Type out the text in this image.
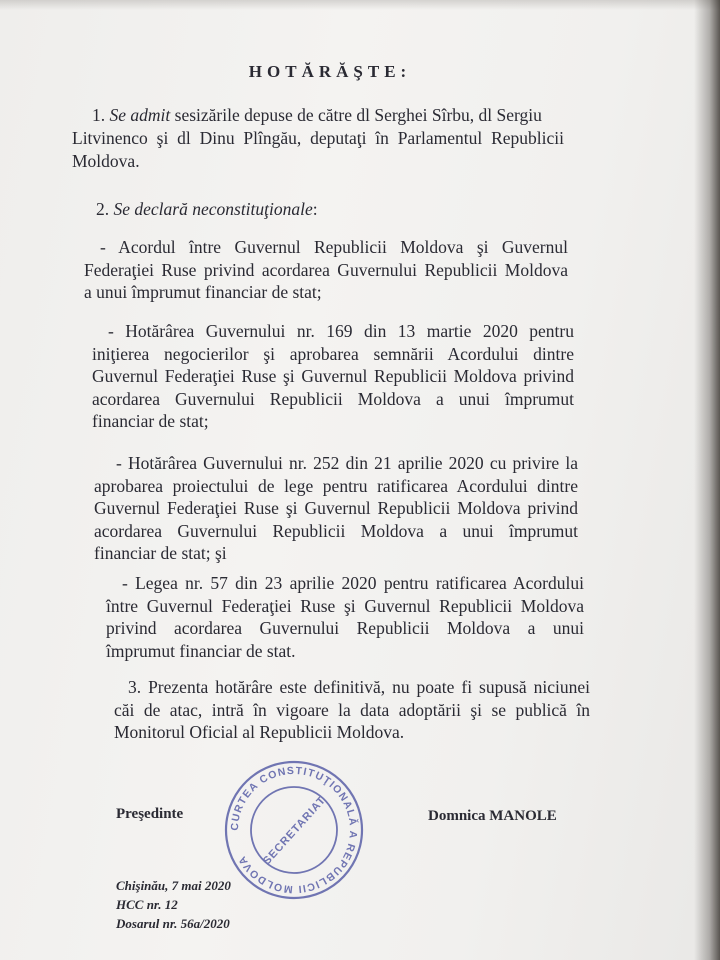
HOTĂRĂŞTE:
1. Se admit sesizările depuse de către dl Serghei Sîrbu, dl Sergiu
Litvinenco şi dl Dinu Plîngău, deputaţi în Parlamentul Republicii
Moldova.
2. Se declară neconstituţionale:
- Acordul între Guvernul Republicii Moldova şi Guvernul
Federaţiei Ruse privind acordarea Guvernului Republicii Moldova
a unui împrumut financiar de stat;
- Hotărârea Guvernului nr. 169 din 13 martie 2020 pentru
iniţierea negocierilor şi aprobarea semnării Acordului dintre
Guvernul Federaţiei Ruse şi Guvernul Republicii Moldova privind
acordarea Guvernului Republicii Moldova a unui împrumut
financiar de stat;
- Hotărârea Guvernului nr. 252 din 21 aprilie 2020 cu privire la
aprobarea proiectului de lege pentru ratificarea Acordului dintre
Guvernul Federaţiei Ruse şi Guvernul Republicii Moldova privind
acordarea Guvernului Republicii Moldova a unui împrumut
financiar de stat; şi
- Legea nr. 57 din 23 aprilie 2020 pentru ratificarea Acordului
între Guvernul Federaţiei Ruse şi Guvernul Republicii Moldova
privind acordarea Guvernului Republicii Moldova a unui
împrumut financiar de stat.
3. Prezenta hotărâre este definitivă, nu poate fi supusă niciunei
căi de atac, intră în vigoare la data adoptării şi se publică în
Monitorul Oficial al Republicii Moldova.
Preşedinte	Domnica MANOLE
CURTEA CONSTITUŢIONALĂ A REPUBLICII MOLDOVA SECRETARIAT
Chişinău, 7 mai 2020
HCC nr. 12
Dosarul nr. 56a/2020
